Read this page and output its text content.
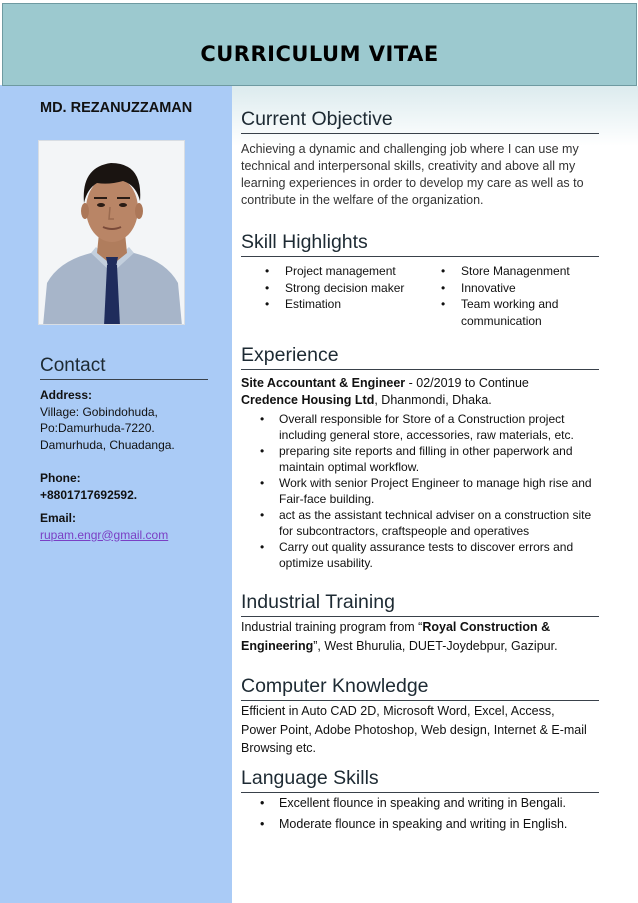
CURRICULUM VITAE
MD. REZANUZZAMAN
Contact
Address:
Village: Gobindohuda,
Po:Damurhuda-7220.
Damurhuda, Chuadanga.
Phone:
+8801717692592.
Email:
rupam.engr@gmail.com
Current Objective
Achieving a dynamic and challenging job where I can use my
technical and interpersonal skills, creativity and above all my
learning experiences in order to develop my care as well as to
contribute in the welfare of the organization.
Skill Highlights
• Project management
• Strong decision maker
• Estimation
• Store Managenment
• Innovative
• Team working and
communication
Experience
Site Accountant & Engineer - 02/2019 to Continue
Credence Housing Ltd, Dhanmondi, Dhaka.
• Overall responsible for Store of a Construction project
including general store, accessories, raw materials, etc.
• preparing site reports and filling in other paperwork and
maintain optimal workflow.
• Work with senior Project Engineer to manage high rise and
Fair-face building.
• act as the assistant technical adviser on a construction site
for subcontractors, craftspeople and operatives
• Carry out quality assurance tests to discover errors and
optimize usability.
Industrial Training
Industrial training program from “Royal Construction &
Engineering”, West Bhurulia, DUET-Joydebpur, Gazipur.
Computer Knowledge
Efficient in Auto CAD 2D, Microsoft Word, Excel, Access,
Power Point, Adobe Photoshop, Web design, Internet & E-mail
Browsing etc.
Language Skills
• Excellent flounce in speaking and writing in Bengali.
• Moderate flounce in speaking and writing in English.
